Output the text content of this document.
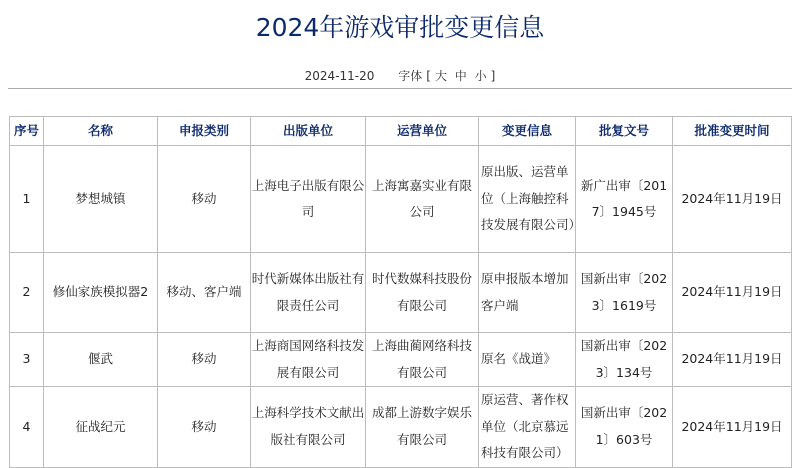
2024年游戏审批变更信息
2024-11-20 字体 [ 大 中 小 ]
序号	名称	申报类别	出版单位	运营单位	变更信息	批复文号	批准变更时间
1	梦想城镇	移动	上海电子出版有限公司	上海寓嘉实业有限公司	原出版、运营单位（上海触控科技发展有限公司）	新广出审〔2017〕1945号	2024年11月19日
2	修仙家族模拟器2	移动、客户端	时代新媒体出版社有限责任公司	时代数媒科技股份有限公司	原申报版本增加客户端	国新出审〔2023〕1619号	2024年11月19日
3	偃武	移动	上海商国网络科技发展有限公司	上海曲蔺网络科技有限公司	原名《战道》	国新出审〔2023〕134号	2024年11月19日
4	征战纪元	移动	上海科学技术文献出版社有限公司	成都上游数字娱乐有限公司	原运营、著作权单位（北京慕远科技有限公司）	国新出审〔2021〕603号	2024年11月19日
